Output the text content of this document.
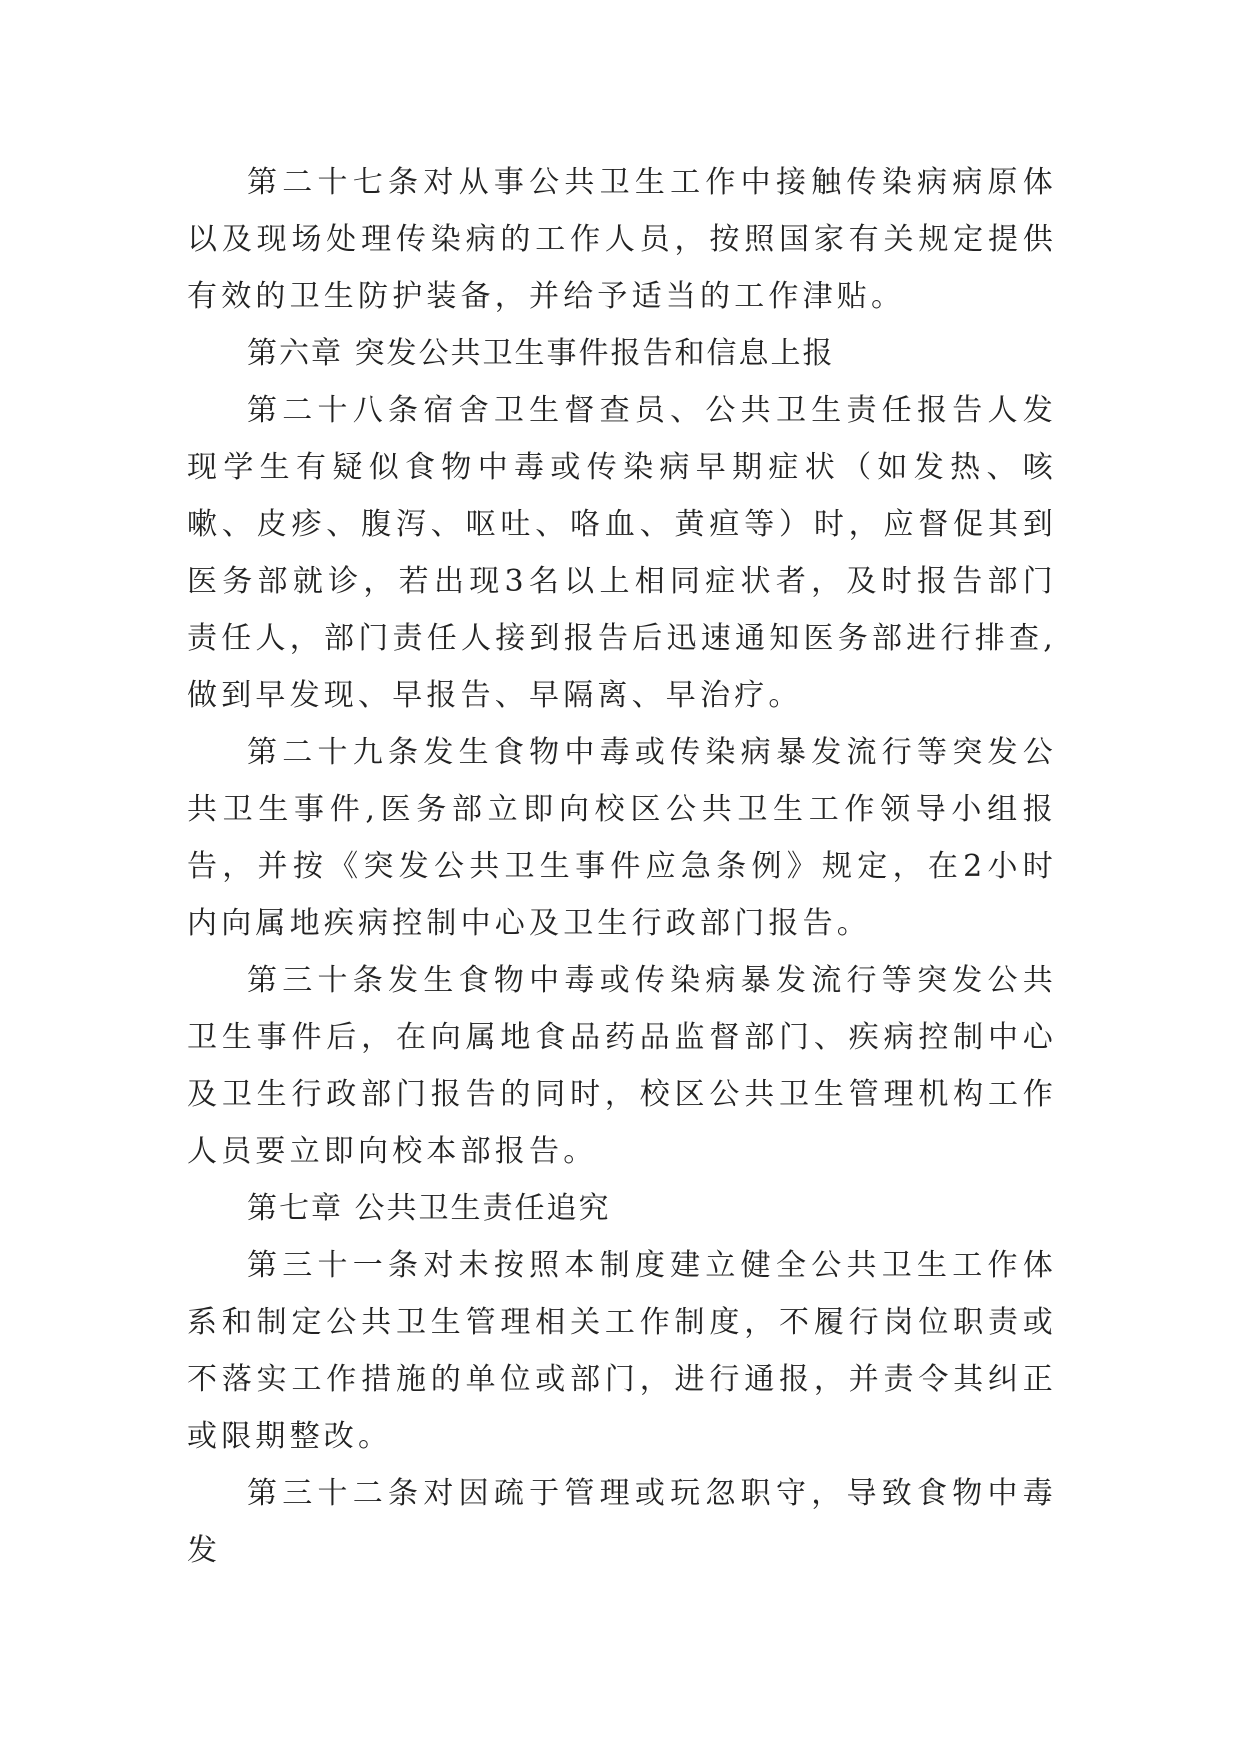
第二十七条对从事公共卫生工作中接触传染病病原体以及现场处理传染病的工作人员，按照国家有关规定提供有效的卫生防护装备，并给予适当的工作津贴。

第六章 突发公共卫生事件报告和信息上报

第二十八条宿舍卫生督查员、公共卫生责任报告人发现学生有疑似食物中毒或传染病早期症状（如发热、咳嗽、皮疹、腹泻、呕吐、咯血、黄疸等）时，应督促其到医务部就诊，若出现3名以上相同症状者，及时报告部门责任人，部门责任人接到报告后迅速通知医务部进行排查,做到早发现、早报告、早隔离、早治疗。

第二十九条发生食物中毒或传染病暴发流行等突发公共卫生事件,医务部立即向校区公共卫生工作领导小组报告，并按《突发公共卫生事件应急条例》规定，在2小时内向属地疾病控制中心及卫生行政部门报告。

第三十条发生食物中毒或传染病暴发流行等突发公共卫生事件后，在向属地食品药品监督部门、疾病控制中心及卫生行政部门报告的同时，校区公共卫生管理机构工作人员要立即向校本部报告。

第七章 公共卫生责任追究

第三十一条对未按照本制度建立健全公共卫生工作体系和制定公共卫生管理相关工作制度，不履行岗位职责或不落实工作措施的单位或部门，进行通报，并责令其纠正或限期整改。

第三十二条对因疏于管理或玩忽职守，导致食物中毒发
